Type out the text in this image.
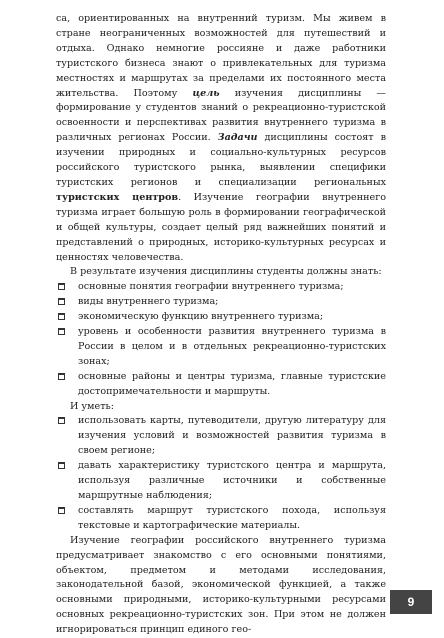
са, ориентированных на внутренний туризм. Мы живем в стране неограниченных возможностей для путешествий и отдыха. Однако немногие россияне и даже работники туристского бизнеса знают о привлекательных для туризма местностях и маршрутах за пределами их постоянного места жительства. Поэтому цель изучения дисциплины — формирование у студентов знаний о рекреационно-туристской освоенности и перспективах развития внутреннего туризма в различных регионах России. Задачи дисциплины состоят в изучении природных и социально-культурных ресурсов российского туристского рынка, выявлении специфики туристских регионов и специализации региональных туристских центров. Изучение географии внутреннего туризма играет большую роль в формировании географической и общей культуры, создает целый ряд важнейших понятий и представлений о природных, историко-культурных ресурсах и ценностях человечества.

В результате изучения дисциплины студенты должны знать:

основные понятия географии внутреннего туризма;
виды внутреннего туризма;
экономическую функцию внутреннего туризма;
уровень и особенности развития внутреннего туризма в России в целом и в отдельных рекреационно-туристских зонах;
основные районы и центры туризма, главные туристские достопримечательности и маршруты.

И уметь:

использовать карты, путеводители, другую литературу для изучения условий и возможностей развития туризма в своем регионе;
давать характеристику туристского центра и маршрута, используя различные источники и собственные маршрутные наблюдения;
составлять маршрут туристского похода, используя текстовые и картографические материалы.

Изучение географии российского внутреннего туризма предусматривает знакомство с его основными понятиями, объектом, предметом и методами исследования, законодательной базой, экономической функцией, а также основными природными, историко-культурными ресурсами основных рекреационно-туристских зон. При этом не должен игнорироваться принцип единого гео-

9
